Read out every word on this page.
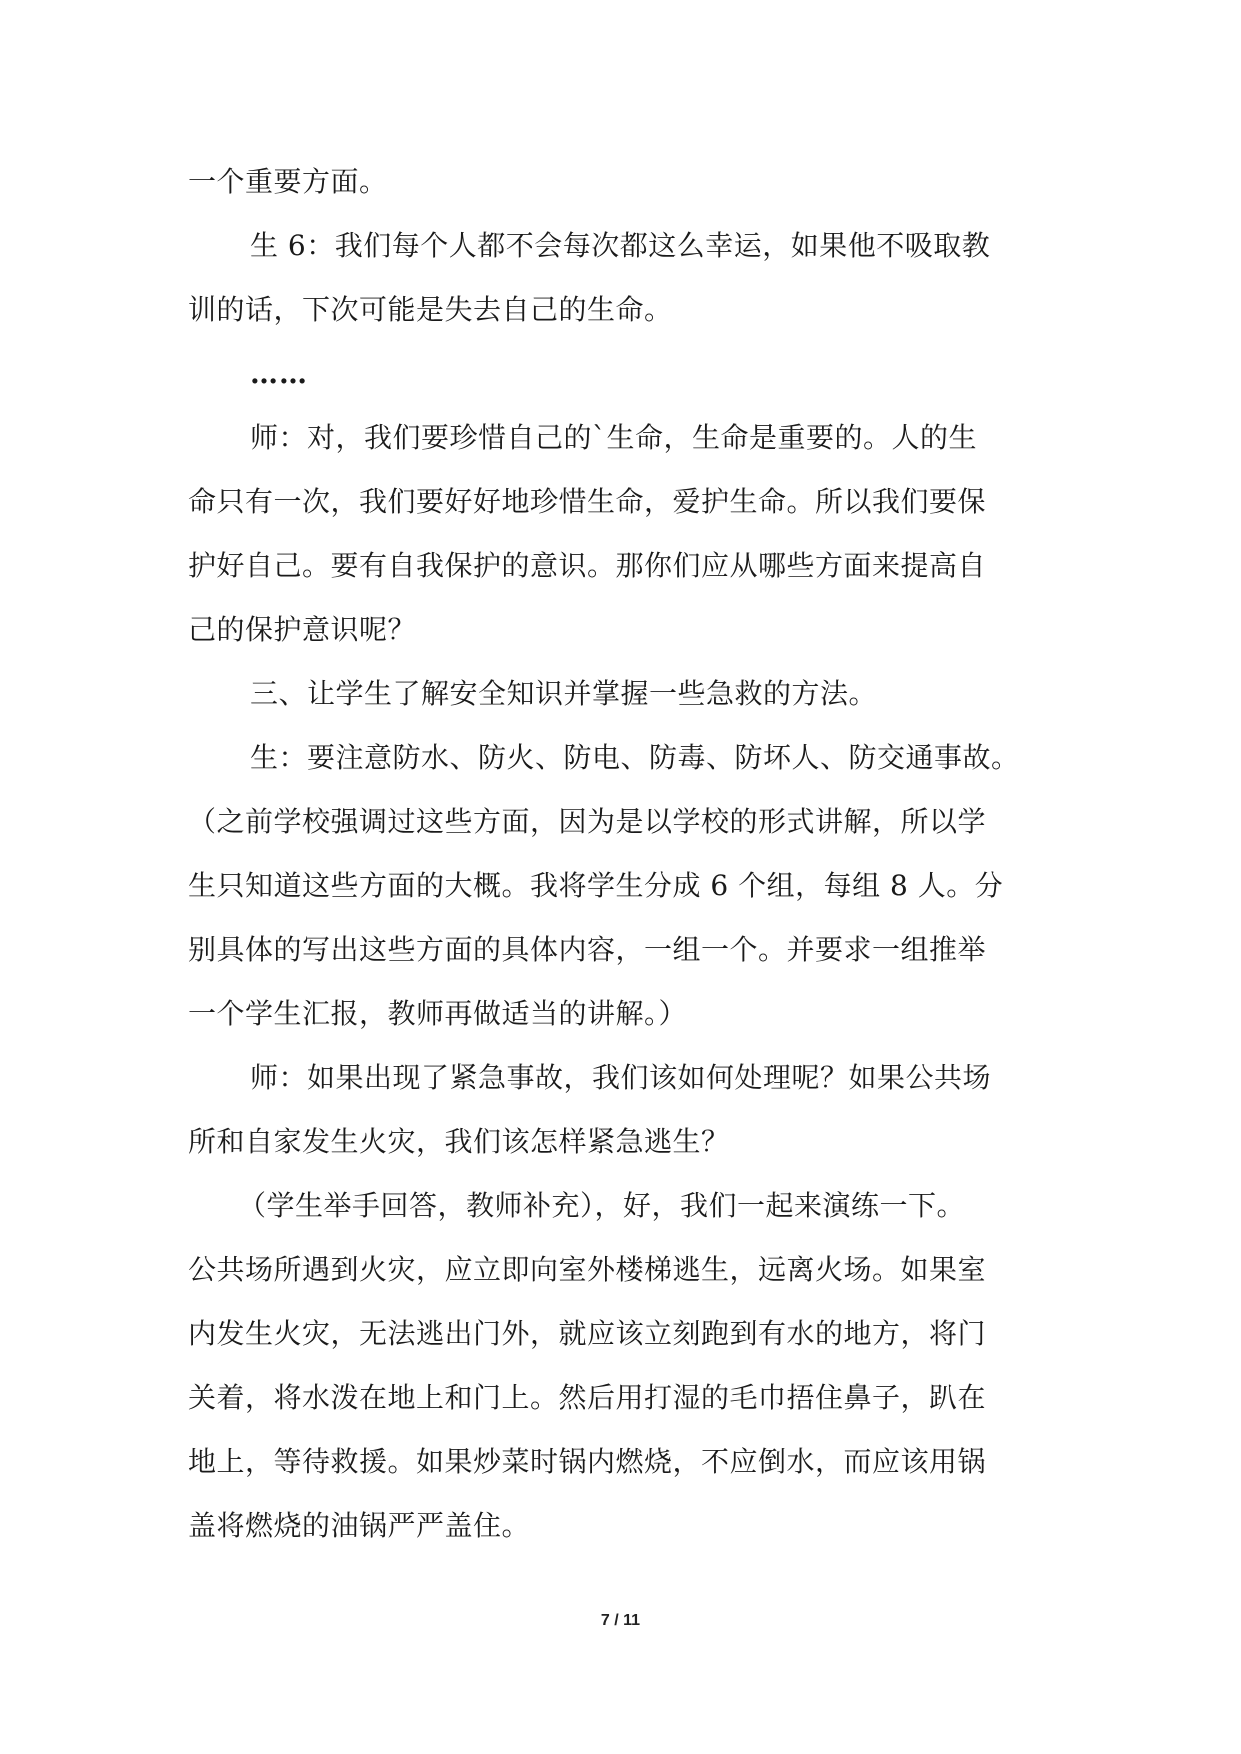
一个重要方面。
生 6：我们每个人都不会每次都这么幸运，如果他不吸取教
训的话，下次可能是失去自己的生命。
……
师：对，我们要珍惜自己的`生命，生命是重要的。人的生
命只有一次，我们要好好地珍惜生命，爱护生命。所以我们要保
护好自己。要有自我保护的意识。那你们应从哪些方面来提高自
己的保护意识呢？
三、让学生了解安全知识并掌握一些急救的方法。
生：要注意防水、防火、防电、防毒、防坏人、防交通事故。
（之前学校强调过这些方面，因为是以学校的形式讲解，所以学
生只知道这些方面的大概。我将学生分成 6 个组，每组 8 人。分
别具体的写出这些方面的具体内容，一组一个。并要求一组推举
一个学生汇报，教师再做适当的讲解。）
师：如果出现了紧急事故，我们该如何处理呢？如果公共场
所和自家发生火灾，我们该怎样紧急逃生？
（学生举手回答，教师补充），好，我们一起来演练一下。
公共场所遇到火灾，应立即向室外楼梯逃生，远离火场。如果室
内发生火灾，无法逃出门外，就应该立刻跑到有水的地方，将门
关着，将水泼在地上和门上。然后用打湿的毛巾捂住鼻子，趴在
地上，等待救援。如果炒菜时锅内燃烧，不应倒水，而应该用锅
盖将燃烧的油锅严严盖住。
7 / 11
